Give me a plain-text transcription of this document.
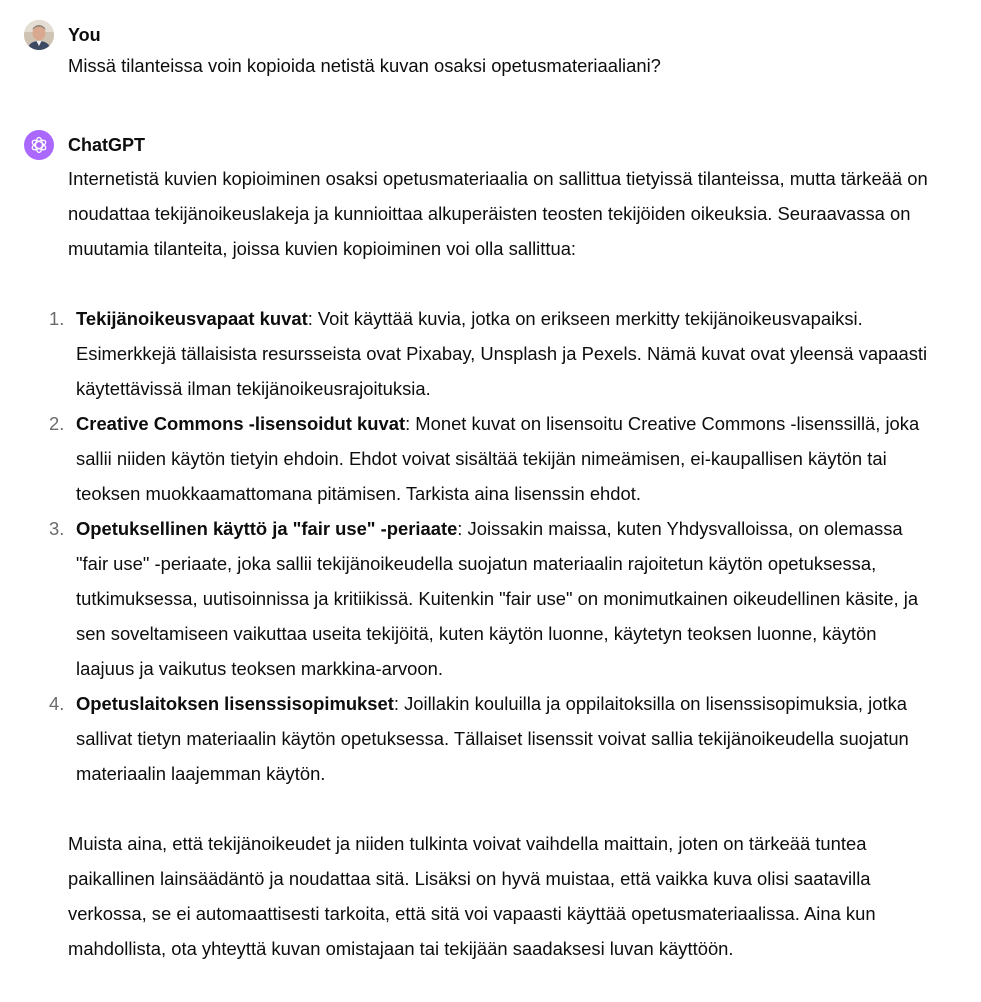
You
Missä tilanteissa voin kopioida netistä kuvan osaksi opetusmateriaaliani?
ChatGPT

Internetistä kuvien kopioiminen osaksi opetusmateriaalia on sallittua tietyissä tilanteissa, mutta tärkeää on noudattaa tekijänoikeuslakeja ja kunnioittaa alkuperäisten teosten tekijöiden oikeuksia. Seuraavassa on muutamia tilanteita, joissa kuvien kopioiminen voi olla sallittua:

1. Tekijänoikeusvapaat kuvat: Voit käyttää kuvia, jotka on erikseen merkitty tekijänoikeusvapaiksi. Esimerkkejä tällaisista resursseista ovat Pixabay, Unsplash ja Pexels. Nämä kuvat ovat yleensä vapaasti käytettävissä ilman tekijänoikeusrajoituksia.
2. Creative Commons -lisensoidut kuvat: Monet kuvat on lisensoitu Creative Commons -lisenssillä, joka sallii niiden käytön tietyin ehdoin. Ehdot voivat sisältää tekijän nimeämisen, ei-kaupallisen käytön tai teoksen muokkaamattomana pitämisen. Tarkista aina lisenssin ehdot.
3. Opetuksellinen käyttö ja "fair use" -periaate: Joissakin maissa, kuten Yhdysvalloissa, on olemassa "fair use" -periaate, joka sallii tekijänoikeudella suojatun materiaalin rajoitetun käytön opetuksessa, tutkimuksessa, uutisoinnissa ja kritiikissä. Kuitenkin "fair use" on monimutkainen oikeudellinen käsite, ja sen soveltamiseen vaikuttaa useita tekijöitä, kuten käytön luonne, käytetyn teoksen luonne, käytön laajuus ja vaikutus teoksen markkina-arvoon.
4. Opetuslaitoksen lisenssisopimukset: Joillakin kouluilla ja oppilaitoksilla on lisenssisopimuksia, jotka sallivat tietyn materiaalin käytön opetuksessa. Tällaiset lisenssit voivat sallia tekijänoikeudella suojatun materiaalin laajemman käytön.

Muista aina, että tekijänoikeudet ja niiden tulkinta voivat vaihdella maittain, joten on tärkeää tuntea paikallinen lainsäädäntö ja noudattaa sitä. Lisäksi on hyvä muistaa, että vaikka kuva olisi saatavilla verkossa, se ei automaattisesti tarkoita, että sitä voi vapaasti käyttää opetusmateriaalissa. Aina kun mahdollista, ota yhteyttä kuvan omistajaan tai tekijään saadaksesi luvan käyttöön.
